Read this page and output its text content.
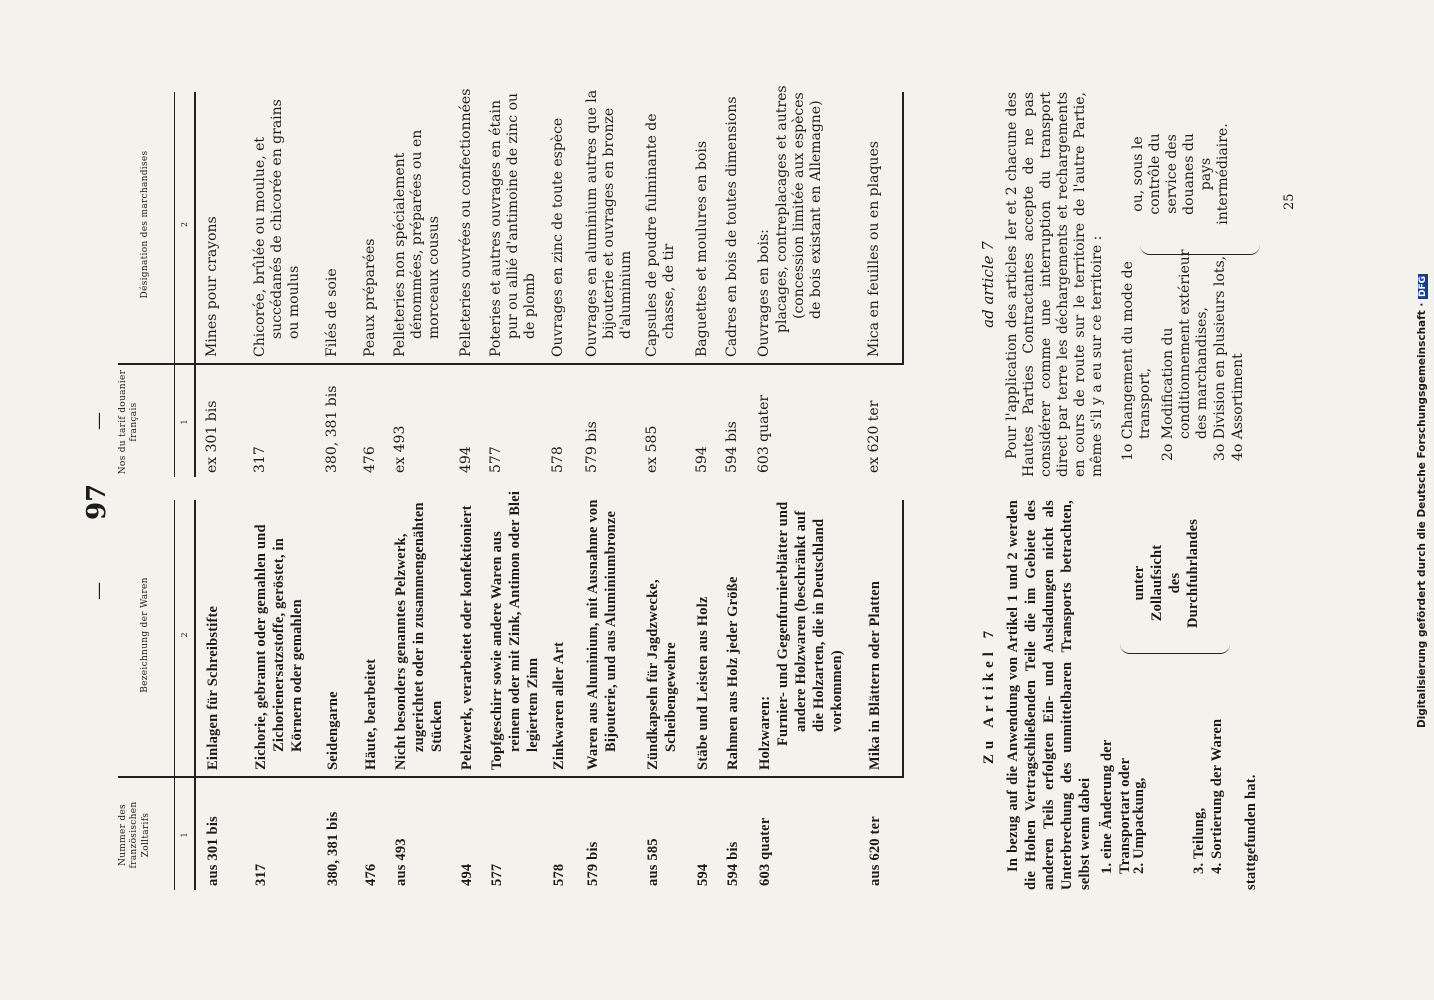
Nos du tarif douanier français
Désignation des marchandises
1
2
ex 301 bis
Mines pour crayons
317
Chicorée, brûlée ou moulue, et succédanés de chicorée en grains ou moulus
380, 381 bis
Filés de soie
476
Peaux préparées
ex 493
Pelleteries non spécialement dénommées, préparées ou en morceaux cousus
494
Pelleteries ouvrées ou confectionnées
577
Poteries et autres ouvrages en étain pur ou allié d'antimoine de zinc ou de plomb
578
Ouvrages en zinc de toute espèce
579 bis
Ouvrages en aluminium autres que la bijouterie et ouvrages en bronze d'aluminium
ex 585
Capsules de poudre fulminante de chasse, de tir
594
Baguettes et moulures en bois
594 bis
Cadres en bois de toutes dimensions
603 quater
Ouvrages en bois: placages, contreplacages et autres (concession limitée aux espèces de bois existant en Allemagne)
ex 620 ter
Mica en feuilles ou en plaques
Nummer des französischen Zolltarifs
Bezeichnung der Waren
1
2
aus 301 bis
Einlagen für Schreibstifte
317
Zichorie, gebrannt oder gemahlen und Zichorienersatzstoffe, geröstet, in Körnern oder gemahlen
380, 381 bis
Seidengarne
476
Häute, bearbeitet
aus 493
Nicht besonders genanntes Pelzwerk, zugerichtet oder in zusammengenähten Stücken
494
Pelzwerk, verarbeitet oder konfektioniert
577
Topfgeschirr sowie andere Waren aus reinem oder mit Zink, Antimon oder Blei legiertem Zinn
578
Zinkwaren aller Art
579 bis
Waren aus Aluminium, mit Ausnahme von Bijouterie, und aus Aluminiumbronze
aus 585
Zündkapseln für Jagdzwecke, Scheibengewehre
594
Stäbe und Leisten aus Holz
594 bis
Rahmen aus Holz jeder Größe
603 quater
Holzwaren: Furnier- und Gegenfurnierblätter und andere Holzwaren (beschränkt auf die Holzarten, die in Deutschland vorkommen)
aus 620 ter
Mika in Blättern oder Platten
—
97
—
Zu Artikel 7 In bezug auf die Anwendung von Artikel 1 und 2 werden die Hohen Vertragschließenden Teile die im Gebiete des anderen Teils erfolgten Ein- und Ausladungen nicht als Unterbrechung des unmittelbaren Transports betrachten, selbst wenn dabei 1. eine Änderung der Transportart oder
2. Umpackung,	3. Teilung, 4. Sortierung der Waren
unter Zollaufsicht des Durchfuhrlandes
stattgefunden hat.
ad article 7 Pour l'application des articles Ier et 2 chacune des Hautes Parties Contractantes accepte de ne pas considérer comme une interruption du transport direct par terre les déchargements et rechargements en cours de route sur le territoire de l'autre Partie, même s'il y a eu sur ce territoire : 1o Changement du mode de transport, 2o Modification du conditionnement extérieur des marchandises, 3o Division en plusieurs lots, 4o Assortiment
ou, sous le contrôle du service des douanes du pays intermédiaire.	25
Digitalisierung gefördert durch die Deutsche Forschungsgemeinschaft · DFG
